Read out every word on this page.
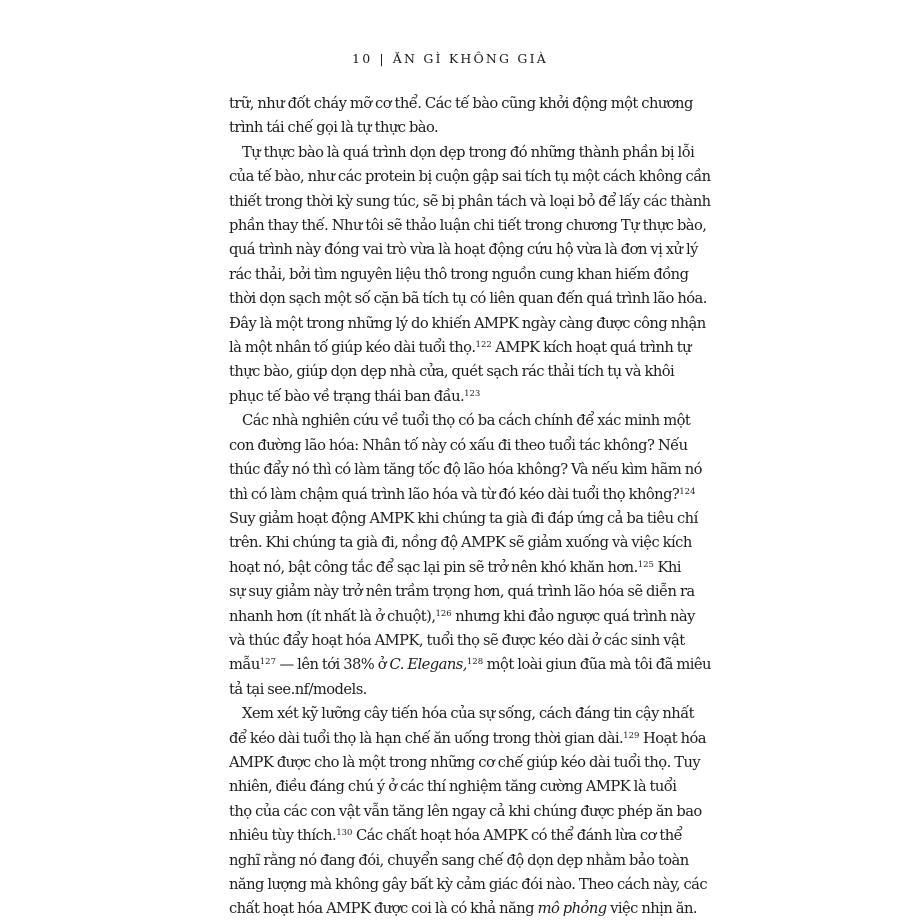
10 | ĂN GÌ KHÔNG GIÀ
trữ, như đốt cháy mỡ cơ thể. Các tế bào cũng khởi động một chương
trình tái chế gọi là tự thực bào.
Tự thực bào là quá trình dọn dẹp trong đó những thành phần bị lỗi
của tế bào, như các protein bị cuộn gập sai tích tụ một cách không cần
thiết trong thời kỳ sung túc, sẽ bị phân tách và loại bỏ để lấy các thành
phần thay thế. Như tôi sẽ thảo luận chi tiết trong chương Tự thực bào,
quá trình này đóng vai trò vừa là hoạt động cứu hộ vừa là đơn vị xử lý
rác thải, bởi tìm nguyên liệu thô trong nguồn cung khan hiếm đồng
thời dọn sạch một số cặn bã tích tụ có liên quan đến quá trình lão hóa.
Đây là một trong những lý do khiến AMPK ngày càng được công nhận
là một nhân tố giúp kéo dài tuổi thọ.$^{122}$ AMPK kích hoạt quá trình tự
thực bào, giúp dọn dẹp nhà cửa, quét sạch rác thải tích tụ và khôi
phục tế bào về trạng thái ban đầu.$^{123}$
Các nhà nghiên cứu về tuổi thọ có ba cách chính để xác minh một
con đường lão hóa: Nhân tố này có xấu đi theo tuổi tác không? Nếu
thúc đẩy nó thì có làm tăng tốc độ lão hóa không? Và nếu kìm hãm nó
thì có làm chậm quá trình lão hóa và từ đó kéo dài tuổi thọ không?$^{124}$
Suy giảm hoạt động AMPK khi chúng ta già đi đáp ứng cả ba tiêu chí
trên. Khi chúng ta già đi, nồng độ AMPK sẽ giảm xuống và việc kích
hoạt nó, bật công tắc để sạc lại pin sẽ trở nên khó khăn hơn.$^{125}$ Khi
sự suy giảm này trở nên trầm trọng hơn, quá trình lão hóa sẽ diễn ra
nhanh hơn (ít nhất là ở chuột),$^{126}$ nhưng khi đảo ngược quá trình này
và thúc đẩy hoạt hóa AMPK, tuổi thọ sẽ được kéo dài ở các sinh vật
mẫu$^{127}$ — lên tới 38% ở C. Elegans,$^{128}$ một loài giun đũa mà tôi đã miêu
tả tại see.nf/models.
Xem xét kỹ lưỡng cây tiến hóa của sự sống, cách đáng tin cậy nhất
để kéo dài tuổi thọ là hạn chế ăn uống trong thời gian dài.$^{129}$ Hoạt hóa
AMPK được cho là một trong những cơ chế giúp kéo dài tuổi thọ. Tuy
nhiên, điều đáng chú ý ở các thí nghiệm tăng cường AMPK là tuổi
thọ của các con vật vẫn tăng lên ngay cả khi chúng được phép ăn bao
nhiêu tùy thích.$^{130}$ Các chất hoạt hóa AMPK có thể đánh lừa cơ thể
nghĩ rằng nó đang đói, chuyển sang chế độ dọn dẹp nhằm bảo toàn
năng lượng mà không gây bất kỳ cảm giác đói nào. Theo cách này, các
chất hoạt hóa AMPK được coi là có khả năng mô phỏng việc nhịn ăn.
